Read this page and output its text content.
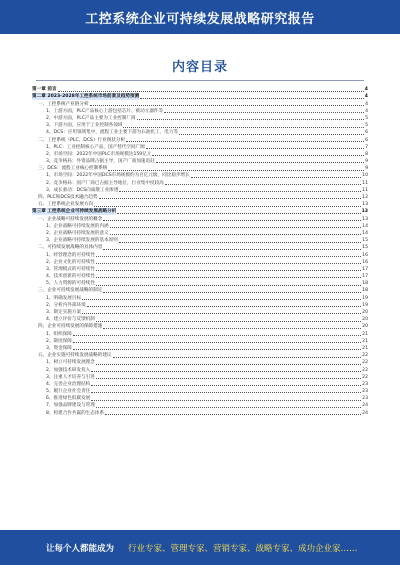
工控系统企业可持续发展战略研究报告
内容目录
第一章 前言	4
第二章 2023-2028年工控系统市场前景及趋势预测	4
一、工控系统产业链分析	4
1、上游方面，PLC产品核心上游包括芯片、被动元器件等	4
2、中游方面，PLC产品主要为工业控制厂商	5
3、下游方面，应用于工业控制各领域	5
4、DCS：应用领域集中，流程工业主要下游为石油化工、电力等	6
二、工控系统（PLC、DCS）行业现状分析	6
1、PLC：工业控制核心产品，国产替代空间广阔	7
2、市场空间：2022年中国PLC市场规模达159亿元	8
3、竞争格局：外资品牌占据主导，国产厂商加速追赶	9
三、DCS：流程工业核心控制系统	9
1、市场空间：2022年中国DCS市场规模约为百亿元级，同比稳步增长	10
2、竞争格局：国产厂商已占据主导地位，行业集中度较高	11
3、成长驱动：DCS向离散工业渗透	11
四、PLC和DCS技术融合趋势	12
五、工控系统企业发展方向	13
第三章 工控系统企业可持续发展战略分析	13
一、企业战略可持续发展的概念	13
1、企业战略可持续发展的内涵	14
2、企业战略可持续发展的意义	14
3、企业战略可持续发展的基本原则	15
二、可持续发展战略的具体内容	15
1、经营理念的可持续性	16
2、企业文化的可持续性	16
3、管理模式的可持续性	17
4、技术创新的可持续性	17
5、人力资源的可持续性	18
三、企业可持续发展战略的制定	18
1、明确发展目标	19
2、分析内外部环境	19
3、制定实施方案	20
4、建立评价与反馈机制	20
四、企业可持续发展的保障措施	20
1、组织保障	21
2、制度保障	21
3、资金保障	21
五、企业实施可持续发展战略的建议	22
1、树立可持续发展理念	22
2、加强技术研发投入	22
3、注重人才培养与引进	22
4、完善企业治理结构	23
5、履行企业社会责任	23
6、推进绿色低碳发展	23
7、加强品牌建设与管理	24
8、构建合作共赢的生态体系	24
让每个人都能成为 行业专家、管理专家、营销专家、战略专家、成功企业家……
